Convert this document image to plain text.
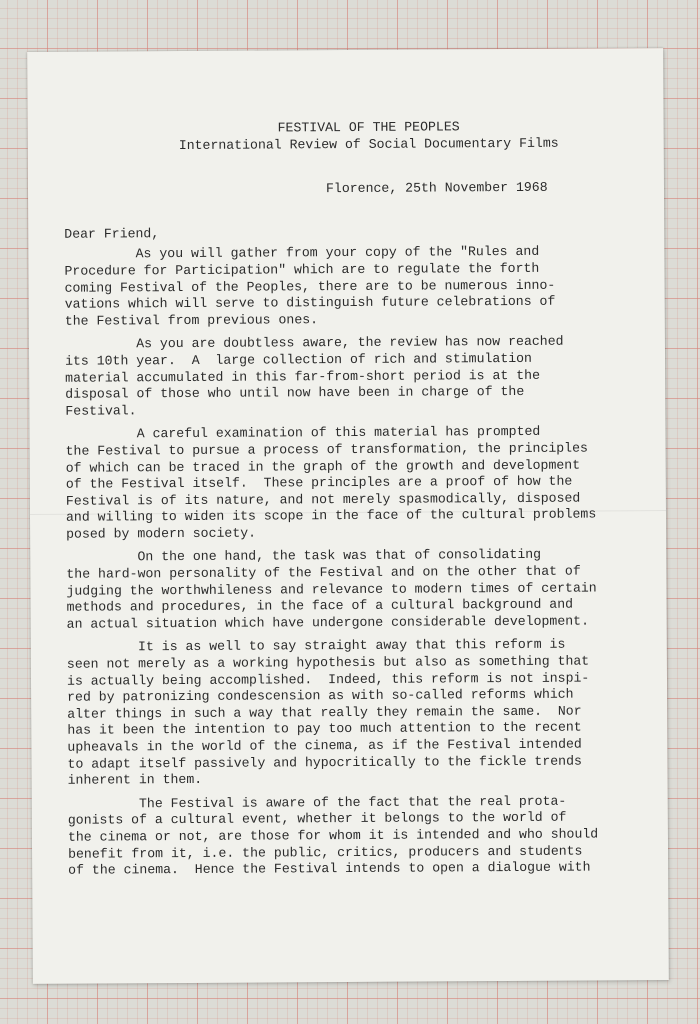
FESTIVAL OF THE PEOPLES
International Review of Social Documentary Films
Florence, 25th November 1968
Dear Friend,
As you will gather from your copy of the "Rules and
Procedure for Participation" which are to regulate the forth
coming Festival of the Peoples, there are to be numerous inno-
vations which will serve to distinguish future celebrations of
the Festival from previous ones.
As you are doubtless aware, the review has now reached
its 10th year.  A  large collection of rich and stimulation
material accumulated in this far-from-short period is at the
disposal of those who until now have been in charge of the
Festival.
A careful examination of this material has prompted
the Festival to pursue a process of transformation, the principles
of which can be traced in the graph of the growth and development
of the Festival itself.  These principles are a proof of how the
Festival is of its nature, and not merely spasmodically, disposed
and willing to widen its scope in the face of the cultural problems
posed by modern society.
On the one hand, the task was that of consolidating
the hard-won personality of the Festival and on the other that of
judging the worthwhileness and relevance to modern times of certain
methods and procedures, in the face of a cultural background and
an actual situation which have undergone considerable development.
It is as well to say straight away that this reform is
seen not merely as a working hypothesis but also as something that
is actually being accomplished.  Indeed, this reform is not inspi-
red by patronizing condescension as with so-called reforms which
alter things in such a way that really they remain the same.  Nor
has it been the intention to pay too much attention to the recent
upheavals in the world of the cinema, as if the Festival intended
to adapt itself passively and hypocritically to the fickle trends
inherent in them.
The Festival is aware of the fact that the real prota-
gonists of a cultural event, whether it belongs to the world of
the cinema or not, are those for whom it is intended and who should
benefit from it, i.e. the public, critics, producers and students
of the cinema.  Hence the Festival intends to open a dialogue with
